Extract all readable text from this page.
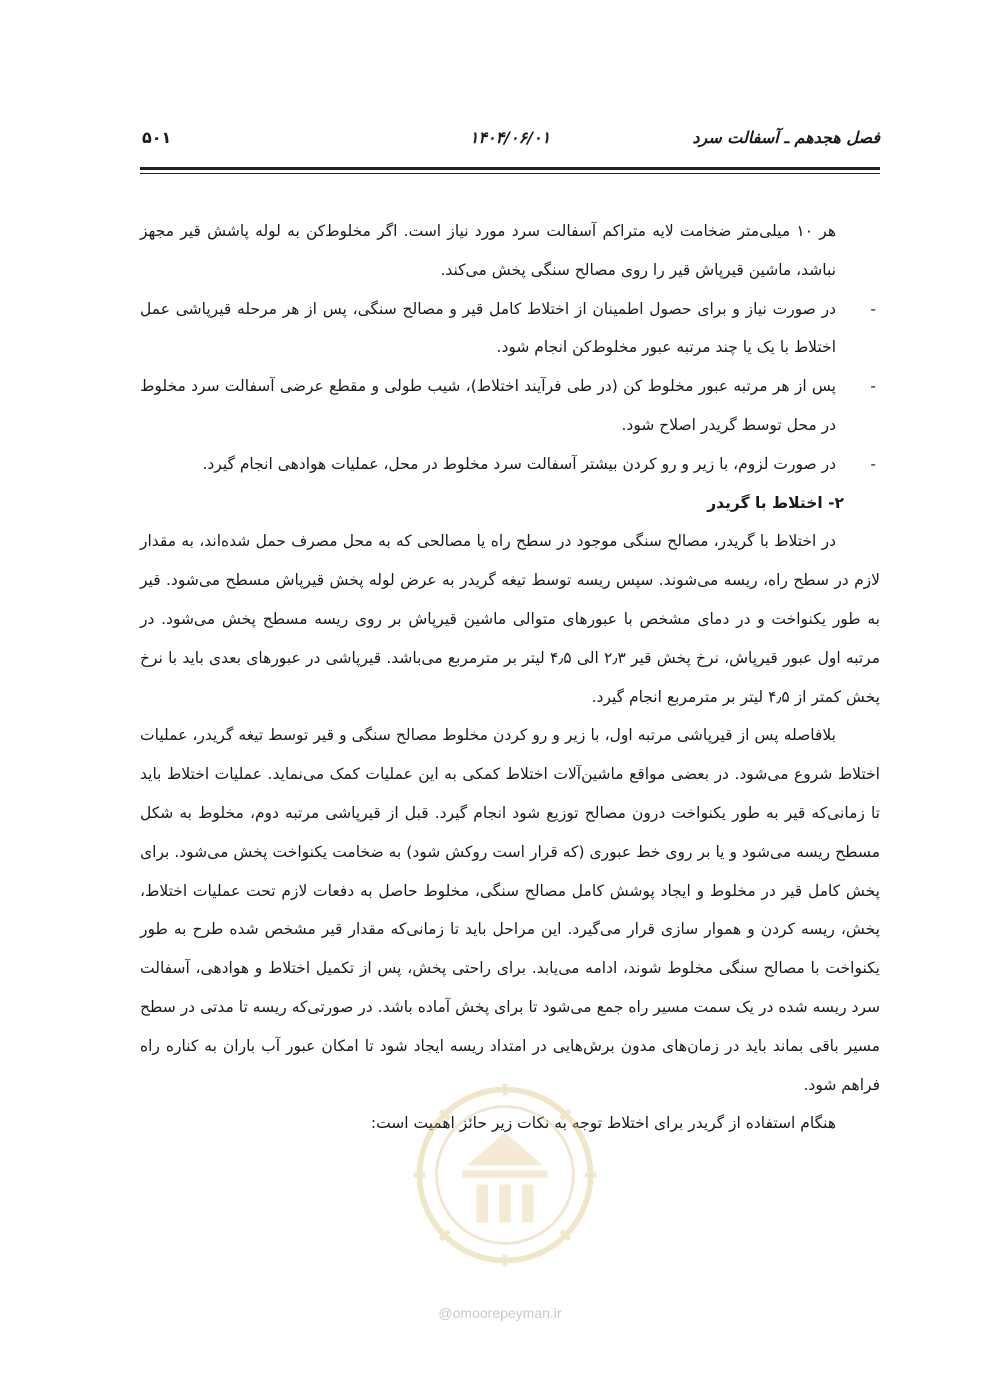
فصل هجدهم ـ آسفالت سرد
۱۴۰۴/۰۶/۰۱
۵۰۱

هر ۱۰ میلی‌متر ضخامت لایه متراکم آسفالت سرد مورد نیاز است. اگر مخلوط‌کن به لوله پاشش قیر مجهز نباشد، ماشین قیرپاش قیر را روی مصالح سنگی پخش می‌کند.

-
در صورت نیاز و برای حصول اطمینان از اختلاط کامل قیر و مصالح سنگی، پس از هر مرحله قیرپاشی عمل اختلاط با یک یا چند مرتبه عبور مخلوط‌کن انجام شود.

-
پس از هر مرتبه عبور مخلوط کن (در طی فرآیند اختلاط)، شیب طولی و مقطع عرضی آسفالت سرد مخلوط در محل توسط گریدر اصلاح شود.

-
در صورت لزوم، با زیر و رو کردن بیشتر آسفالت سرد مخلوط در محل، عملیات هوادهی انجام گیرد.

۲- اختلاط با گریدر

در اختلاط با گریدر، مصالح سنگی موجود در سطح راه یا مصالحی که به محل مصرف حمل شده‌اند، به مقدار لازم در سطح راه، ریسه می‌شوند. سپس ریسه توسط تیغه گریدر به عرض لوله پخش قیرپاش مسطح می‌شود. قیر به طور یکنواخت و در دمای مشخص با عبورهای متوالی ماشین قیرپاش بر روی ریسه مسطح پخش می‌شود. در مرتبه اول عبور قیرپاش، نرخ پخش قیر ۲٫۳ الی ۴٫۵ لیتر بر مترمربع می‌باشد. قیرپاشی در عبورهای بعدی باید با نرخ پخش کمتر از ۴٫۵ لیتر بر مترمربع انجام گیرد.

بلافاصله پس از قیرپاشی مرتبه اول، با زیر و رو کردن مخلوط مصالح سنگی و قیر توسط تیغه گریدر، عملیات اختلاط شروع می‌شود. در بعضی مواقع ماشین‌آلات اختلاط کمکی به این عملیات کمک می‌نماید. عملیات اختلاط باید تا زمانی‌که قیر به طور یکنواخت درون مصالح توزیع شود انجام گیرد. قبل از قیرپاشی مرتبه دوم، مخلوط به شکل مسطح ریسه می‌شود و یا بر روی خط عبوری (که قرار است روکش شود) به ضخامت یکنواخت پخش می‌شود. برای پخش کامل قیر در مخلوط و ایجاد پوشش کامل مصالح سنگی، مخلوط حاصل به دفعات لازم تحت عملیات اختلاط، پخش، ریسه کردن و هموار سازی قرار می‌گیرد. این مراحل باید تا زمانی‌که مقدار قیر مشخص شده طرح به طور یکنواخت با مصالح سنگی مخلوط شوند، ادامه می‌یابد. برای راحتی پخش، پس از تکمیل اختلاط و هوادهی، آسفالت سرد ریسه شده در یک سمت مسیر راه جمع می‌شود تا برای پخش آماده باشد. در صورتی‌که ریسه تا مدتی در سطح مسیر باقی بماند باید در زمان‌های مدون برش‌هایی در امتداد ریسه ایجاد شود تا امکان عبور آب باران به کناره راه فراهم شود.

هنگام استفاده از گریدر برای اختلاط توجه به نکات زیر حائز اهمیت است:

@omoorepeyman.ir
